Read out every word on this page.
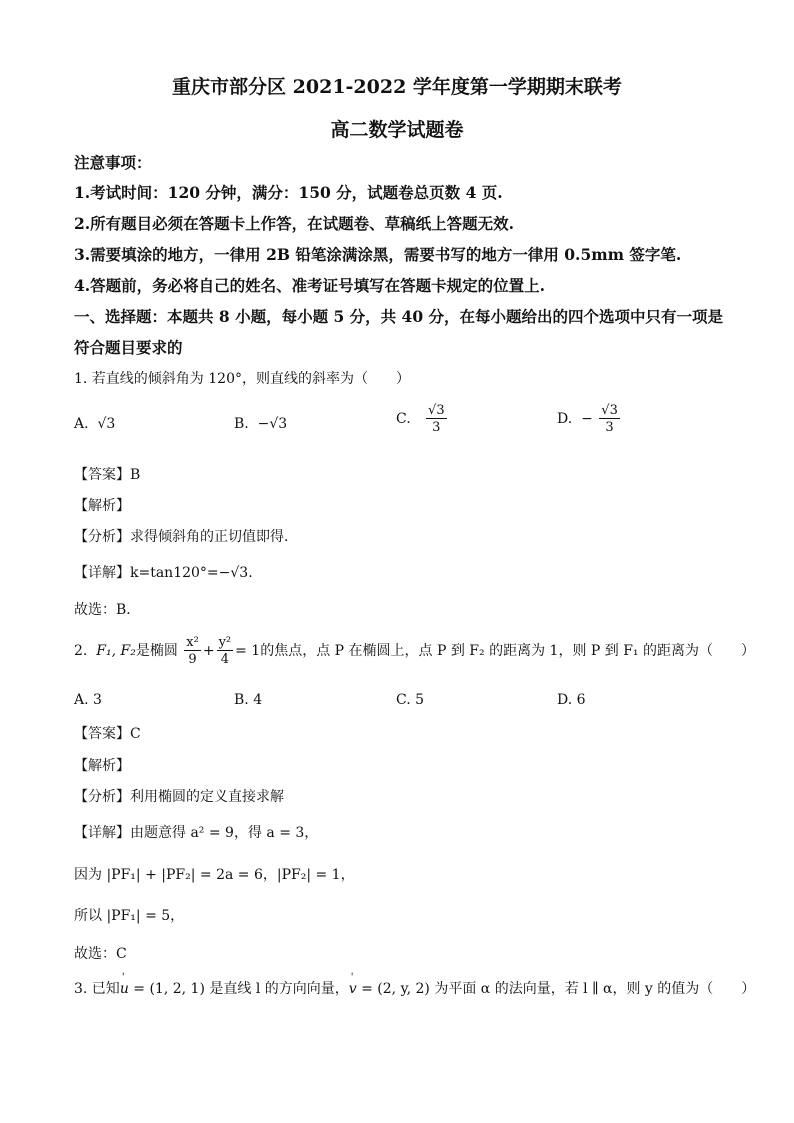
重庆市部分区 2021-2022 学年度第一学期期末联考
高二数学试题卷
注意事项：
1.考试时间：120 分钟，满分：150 分，试题卷总页数 4 页.
2.所有题目必须在答题卡上作答，在试题卷、草稿纸上答题无效.
3.需要填涂的地方，一律用 2B 铅笔涂满涂黑，需要书写的地方一律用 0.5mm 签字笔.
4.答题前，务必将自己的姓名、准考证号填写在答题卡规定的位置上.
一、选择题：本题共 8 小题，每小题 5 分，共 40 分，在每小题给出的四个选项中只有一项是
符合题目要求的
1. 若直线的倾斜角为 120°，则直线的斜率为（　　）
A. √3	B. −√3	C. $\frac{√3}{3}$	D. − $\frac{√3}{3}$
【答案】B
【解析】
【分析】求得倾斜角的正切值即得．
【详解】k=tan120°=−√3.
故选：B．
2. F₁, F₂是椭圆 $\frac{\text{x²}}{9} + \frac{\text{y²}}{4} = 1$的焦点，点 P 在椭圆上，点 P 到 F₂ 的距离为 1，则 P 到 F₁ 的距离为（　　）
A. 3	B. 4	C. 5	D. 6
【答案】C
【解析】
【分析】利用椭圆的定义直接求解
【详解】由题意得 a² = 9，得 a = 3，
因为 |PF₁| + |PF₂| = 2a = 6，|PF₂| = 1，
所以 |PF₁| = 5，
故选：C
3. 已知' u = (1, 2, 1) 是直线 l 的方向向量，' v = (2, y, 2) 为平面 α 的法向量，若 l ∥ α，则 y 的值为（　　）
